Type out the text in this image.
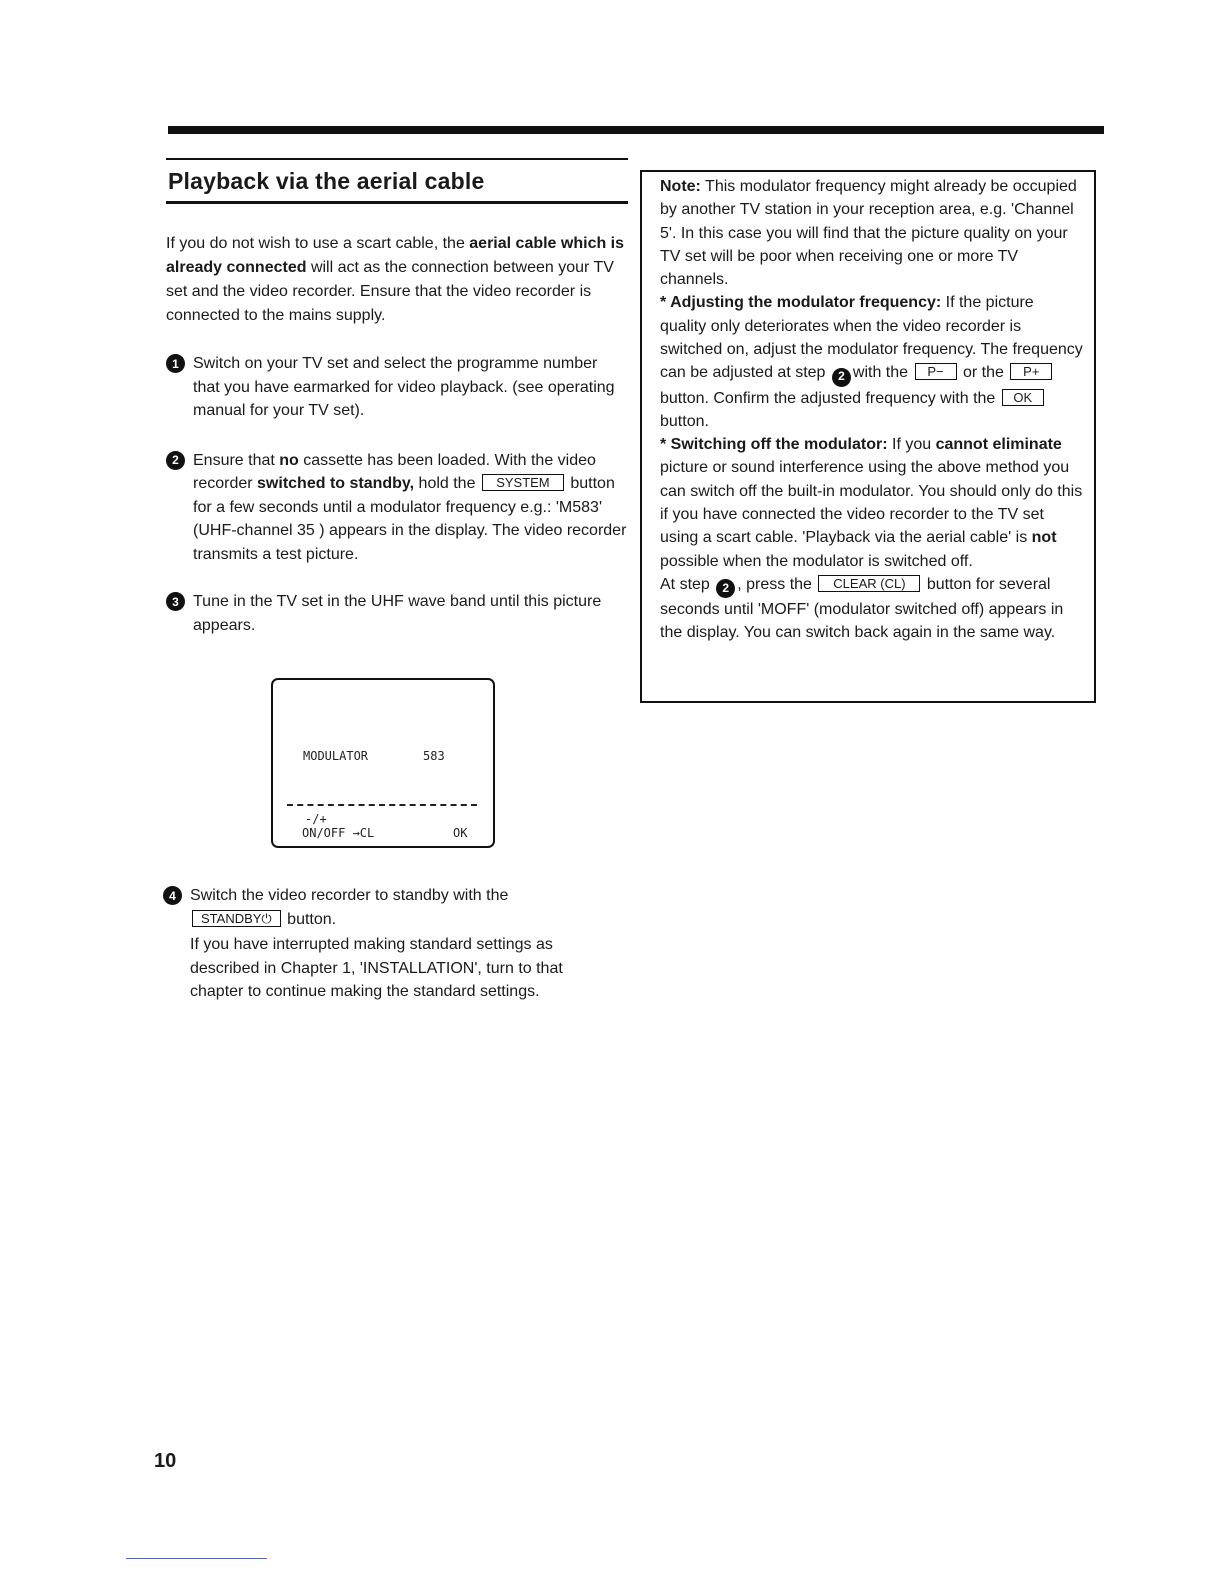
Playback via the aerial cable

If you do not wish to use a scart cable, the aerial cable which is already connected will act as the connection between your TV set and the video recorder. Ensure that the video recorder is connected to the mains supply.

1 Switch on your TV set and select the programme number that you have earmarked for video playback. (see operating manual for your TV set).
2 Ensure that no cassette has been loaded. With the video recorder switched to standby, hold the SYSTEM button for a few seconds until a modulator frequency e.g.: 'M583' (UHF-channel 35 ) appears in the display. The video recorder transmits a test picture.
3 Tune in the TV set in the UHF wave band until this picture appears.
MODULATOR	583
-/+
ON/OFF →CL	OK
4 Switch the video recorder to standby with the STANDBY⏻ button.
If you have interrupted making standard settings as described in Chapter 1, 'INSTALLATION', turn to that chapter to continue making the standard settings.
Note: This modulator frequency might already be occupied by another TV station in your reception area, e.g. 'Channel 5'. In this case you will find that the picture quality on your TV set will be poor when receiving one or more TV channels.
* Adjusting the modulator frequency: If the picture quality only deteriorates when the video recorder is switched on, adjust the modulator frequency. The frequency can be adjusted at step 2 with the P− or the P+ button. Confirm the adjusted frequency with the OK button.
* Switching off the modulator: If you cannot eliminate picture or sound interference using the above method you can switch off the built-in modulator. You should only do this if you have connected the video recorder to the TV set using a scart cable. 'Playback via the aerial cable' is not possible when the modulator is switched off.
At step 2 , press the CLEAR (CL) button for several seconds until 'MOFF' (modulator switched off) appears in the display. You can switch back again in the same way.
10
